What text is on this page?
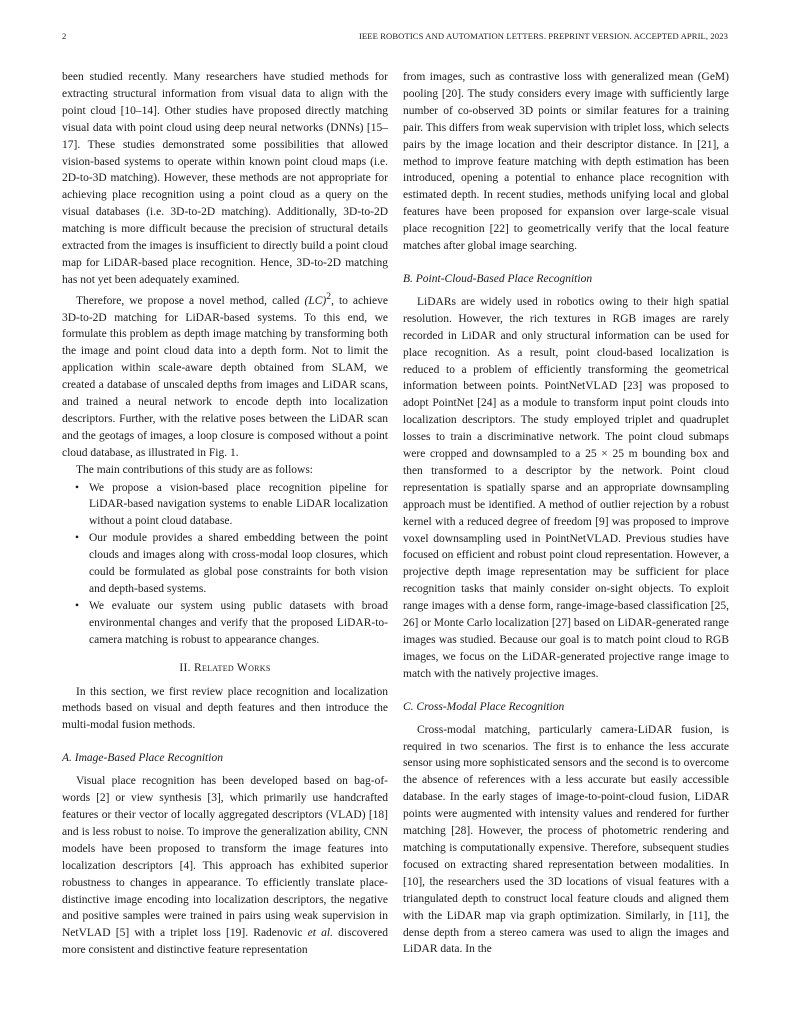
2	IEEE ROBOTICS AND AUTOMATION LETTERS. PREPRINT VERSION. ACCEPTED APRIL, 2023

been studied recently. Many researchers have studied methods for extracting structural information from visual data to align with the point cloud [10–14]. Other studies have proposed directly matching visual data with point cloud using deep neural networks (DNNs) [15–17]. These studies demonstrated some possibilities that allowed vision-based systems to operate within known point cloud maps (i.e. 2D-to-3D matching). However, these methods are not appropriate for achieving place recognition using a point cloud as a query on the visual databases (i.e. 3D-to-2D matching). Additionally, 3D-to-2D matching is more difficult because the precision of structural details extracted from the images is insufficient to directly build a point cloud map for LiDAR-based place recognition. Hence, 3D-to-2D matching has not yet been adequately examined.

Therefore, we propose a novel method, called (LC)$^2$, to achieve 3D-to-2D matching for LiDAR-based systems. To this end, we formulate this problem as depth image matching by transforming both the image and point cloud data into a depth form. Not to limit the application within scale-aware depth obtained from SLAM, we created a database of unscaled depths from images and LiDAR scans, and trained a neural network to encode depth into localization descriptors. Further, with the relative poses between the LiDAR scan and the geotags of images, a loop closure is composed without a point cloud database, as illustrated in Fig. 1.

The main contributions of this study are as follows:

• We propose a vision-based place recognition pipeline for LiDAR-based navigation systems to enable LiDAR localization without a point cloud database.
• Our module provides a shared embedding between the point clouds and images along with cross-modal loop closures, which could be formulated as global pose constraints for both vision and depth-based systems.
• We evaluate our system using public datasets with broad environmental changes and verify that the proposed LiDAR-to-camera matching is robust to appearance changes.
II. Related Works

In this section, we first review place recognition and localization methods based on visual and depth features and then introduce the multi-modal fusion methods.

A. Image-Based Place Recognition

Visual place recognition has been developed based on bag-of-words [2] or view synthesis [3], which primarily use handcrafted features or their vector of locally aggregated descriptors (VLAD) [18] and is less robust to noise. To improve the generalization ability, CNN models have been proposed to transform the image features into localization descriptors [4]. This approach has exhibited superior robustness to changes in appearance. To efficiently translate place-distinctive image encoding into localization descriptors, the negative and positive samples were trained in pairs using weak supervision in NetVLAD [5] with a triplet loss [19]. Radenovic et al. discovered more consistent and distinctive feature representation

from images, such as contrastive loss with generalized mean (GeM) pooling [20]. The study considers every image with sufficiently large number of co-observed 3D points or similar features for a training pair. This differs from weak supervision with triplet loss, which selects pairs by the image location and their descriptor distance. In [21], a method to improve feature matching with depth estimation has been introduced, opening a potential to enhance place recognition with estimated depth. In recent studies, methods unifying local and global features have been proposed for expansion over large-scale visual place recognition [22] to geometrically verify that the local feature matches after global image searching.

B. Point-Cloud-Based Place Recognition

LiDARs are widely used in robotics owing to their high spatial resolution. However, the rich textures in RGB images are rarely recorded in LiDAR and only structural information can be used for place recognition. As a result, point cloud-based localization is reduced to a problem of efficiently transforming the geometrical information between points. PointNetVLAD [23] was proposed to adopt PointNet [24] as a module to transform input point clouds into localization descriptors. The study employed triplet and quadruplet losses to train a discriminative network. The point cloud submaps were cropped and downsampled to a 25 × 25 m bounding box and then transformed to a descriptor by the network. Point cloud representation is spatially sparse and an appropriate downsampling approach must be identified. A method of outlier rejection by a robust kernel with a reduced degree of freedom [9] was proposed to improve voxel downsampling used in PointNetVLAD. Previous studies have focused on efficient and robust point cloud representation. However, a projective depth image representation may be sufficient for place recognition tasks that mainly consider on-sight objects. To exploit range images with a dense form, range-image-based classification [25, 26] or Monte Carlo localization [27] based on LiDAR-generated range images was studied. Because our goal is to match point cloud to RGB images, we focus on the LiDAR-generated projective range image to match with the natively projective images.

C. Cross-Modal Place Recognition

Cross-modal matching, particularly camera-LiDAR fusion, is required in two scenarios. The first is to enhance the less accurate sensor using more sophisticated sensors and the second is to overcome the absence of references with a less accurate but easily accessible database. In the early stages of image-to-point-cloud fusion, LiDAR points were augmented with intensity values and rendered for further matching [28]. However, the process of photometric rendering and matching is computationally expensive. Therefore, subsequent studies focused on extracting shared representation between modalities. In [10], the researchers used the 3D locations of visual features with a triangulated depth to construct local feature clouds and aligned them with the LiDAR map via graph optimization. Similarly, in [11], the dense depth from a stereo camera was used to align the images and LiDAR data. In the
